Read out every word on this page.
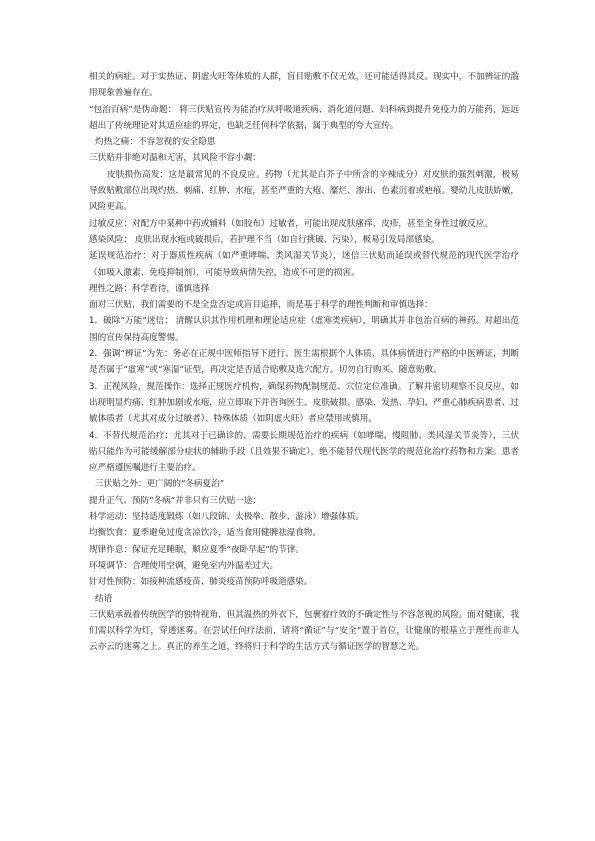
相关的病症。对于实热证、阴虚火旺等体质的人群，盲目贴敷不仅无效，还可能适得其反。现实中，不加辨证的滥用现象普遍存在。

“包治百病”是伪命题： 将三伏贴宣传为能治疗从呼吸道疾病、消化道问题、妇科病到提升免疫力的万能药，远远超出了传统理论对其适应症的界定，也缺乏任何科学依据，属于典型的夸大宣传。

灼热之痛：不容忽视的安全隐患

三伏贴并非绝对温和无害，其风险不容小觑：

皮肤损伤高发：这是最常见的不良反应。药物（尤其是白芥子中所含的辛辣成分）对皮肤的强烈刺激，极易导致贴敷部位出现灼热、刺痛、红肿、水疱，甚至严重的大疱、糜烂、渗出、色素沉着或疤痕。婴幼儿皮肤娇嫩，风险更高。

过敏反应：对配方中某种中药或辅料（如胶布）过敏者，可能出现皮肤瘙痒、皮疹，甚至全身性过敏反应。

感染风险： 皮肤出现水疱或破损后，若护理不当（如自行挑破、污染），极易引发局部感染。

延误规范治疗：对于器质性疾病（如严重哮喘、类风湿关节炎），迷信三伏贴而延误或替代规范的现代医学治疗（如吸入激素、免疫抑制剂），可能导致病情失控，造成不可逆的损害。

理性之路：科学看待，谨慎选择

面对三伏贴，我们需要的不是全盘否定或盲目追捧，而是基于科学的理性判断和审慎选择：

1. 破除“万能”迷信： 清醒认识其作用机理和理论适应症（虚寒类疾病），明确其并非包治百病的神药。对超出范围的宣传保持高度警惕。

2. 强调“辨证”为先：务必在正规中医师指导下进行。医生需根据个人体质、具体病情进行严格的中医辨证，判断是否属于“虚寒”或“寒湿”证型，再决定是否适合贴敷及选穴配方。切勿自行购买、随意贴敷。

3. 正视风险，规范操作：选择正规医疗机构，确保药物配制规范、穴位定位准确。了解并密切观察不良反应，如出现明显灼痛、红肿加剧或水疱，应立即取下并咨询医生。皮肤破损、感染、发热、孕妇、严重心肺疾病患者、过敏体质者（尤其对成分过敏者）、特殊体质（如阴虚火旺）者应禁用或慎用。

4. 不替代规范治疗：尤其对于已确诊的、需要长期规范治疗的疾病（如哮喘、慢阻肺、类风湿关节炎等），三伏贴只能作为可能缓解部分症状的辅助手段（且效果不确定），绝不能替代现代医学的规范化治疗药物和方案。患者应严格遵医嘱进行主要治疗。

三伏贴之外：更广阔的“冬病夏治”

提升正气、预防“冬病”并非只有三伏贴一途：

科学运动：坚持适度锻炼（如八段锦、太极拳、散步、游泳）增强体质。

均衡饮食：夏季避免过度贪凉饮冷，适当食用健脾祛湿食物。

规律作息：保证充足睡眠，顺应夏季“夜卧早起”的节律。

环境调节：合理使用空调，避免室内外温差过大。

针对性预防：如接种流感疫苗、肺炎疫苗预防呼吸道感染。

结语

三伏贴承载着传统医学的独特视角，但其温热的外衣下，包裹着疗效的不确定性与不容忽视的风险。面对健康，我们需以科学为灯，穿透迷雾。在尝试任何疗法前，请将“循证”与“安全”置于首位，让健康的根基立于理性而非人云亦云的迷雾之上。真正的养生之道，终将归于科学的生活方式与循证医学的智慧之光。
